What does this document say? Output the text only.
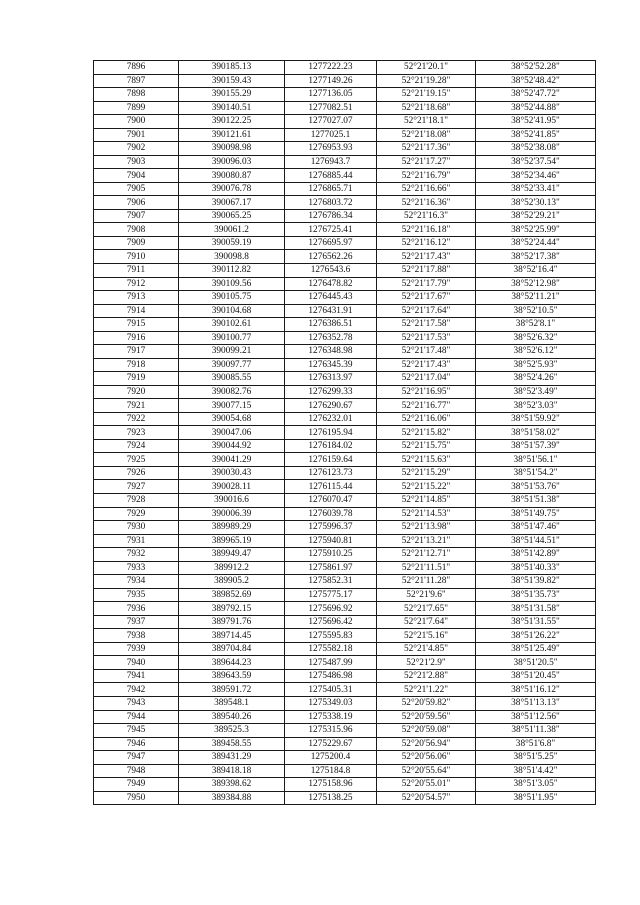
7896	390185.13	1277222.23	52°21'20.1"	38°52'52.28"
7897	390159.43	1277149.26	52°21'19.28"	38°52'48.42"
7898	390155.29	1277136.05	52°21'19.15"	38°52'47.72"
7899	390140.51	1277082.51	52°21'18.68"	38°52'44.88"
7900	390122.25	1277027.07	52°21'18.1"	38°52'41.95"
7901	390121.61	1277025.1	52°21'18.08"	38°52'41.85"
7902	390098.98	1276953.93	52°21'17.36"	38°52'38.08"
7903	390096.03	1276943.7	52°21'17.27"	38°52'37.54"
7904	390080.87	1276885.44	52°21'16.79"	38°52'34.46"
7905	390076.78	1276865.71	52°21'16.66"	38°52'33.41"
7906	390067.17	1276803.72	52°21'16.36"	38°52'30.13"
7907	390065.25	1276786.34	52°21'16.3"	38°52'29.21"
7908	390061.2	1276725.41	52°21'16.18"	38°52'25.99"
7909	390059.19	1276695.97	52°21'16.12"	38°52'24.44"
7910	390098.8	1276562.26	52°21'17.43"	38°52'17.38"
7911	390112.82	1276543.6	52°21'17.88"	38°52'16.4"
7912	390109.56	1276478.82	52°21'17.79"	38°52'12.98"
7913	390105.75	1276445.43	52°21'17.67"	38°52'11.21"
7914	390104.68	1276431.91	52°21'17.64"	38°52'10.5"
7915	390102.61	1276386.51	52°21'17.58"	38°52'8.1"
7916	390100.77	1276352.78	52°21'17.53"	38°52'6.32"
7917	390099.21	1276348.98	52°21'17.48"	38°52'6.12"
7918	390097.77	1276345.39	52°21'17.43"	38°52'5.93"
7919	390085.55	1276313.97	52°21'17.04"	38°52'4.26"
7920	390082.76	1276299.33	52°21'16.95"	38°52'3.49"
7921	390077.15	1276290.67	52°21'16.77"	38°52'3.03"
7922	390054.68	1276232.01	52°21'16.06"	38°51'59.92"
7923	390047.06	1276195.94	52°21'15.82"	38°51'58.02"
7924	390044.92	1276184.02	52°21'15.75"	38°51'57.39"
7925	390041.29	1276159.64	52°21'15.63"	38°51'56.1"
7926	390030.43	1276123.73	52°21'15.29"	38°51'54.2"
7927	390028.11	1276115.44	52°21'15.22"	38°51'53.76"
7928	390016.6	1276070.47	52°21'14.85"	38°51'51.38"
7929	390006.39	1276039.78	52°21'14.53"	38°51'49.75"
7930	389989.29	1275996.37	52°21'13.98"	38°51'47.46"
7931	389965.19	1275940.81	52°21'13.21"	38°51'44.51"
7932	389949.47	1275910.25	52°21'12.71"	38°51'42.89"
7933	389912.2	1275861.97	52°21'11.51"	38°51'40.33"
7934	389905.2	1275852.31	52°21'11.28"	38°51'39.82"
7935	389852.69	1275775.17	52°21'9.6"	38°51'35.73"
7936	389792.15	1275696.92	52°21'7.65"	38°51'31.58"
7937	389791.76	1275696.42	52°21'7.64"	38°51'31.55"
7938	389714.45	1275595.83	52°21'5.16"	38°51'26.22"
7939	389704.84	1275582.18	52°21'4.85"	38°51'25.49"
7940	389644.23	1275487.99	52°21'2.9"	38°51'20.5"
7941	389643.59	1275486.98	52°21'2.88"	38°51'20.45"
7942	389591.72	1275405.31	52°21'1.22"	38°51'16.12"
7943	389548.1	1275349.03	52°20'59.82"	38°51'13.13"
7944	389540.26	1275338.19	52°20'59.56"	38°51'12.56"
7945	389525.3	1275315.96	52°20'59.08"	38°51'11.38"
7946	389458.55	1275229.67	52°20'56.94"	38°51'6.8"
7947	389431.29	1275200.4	52°20'56.06"	38°51'5.25"
7948	389418.18	1275184.8	52°20'55.64"	38°51'4.42"
7949	389398.62	1275158.96	52°20'55.01"	38°51'3.05"
7950	389384.88	1275138.25	52°20'54.57"	38°51'1.95"
